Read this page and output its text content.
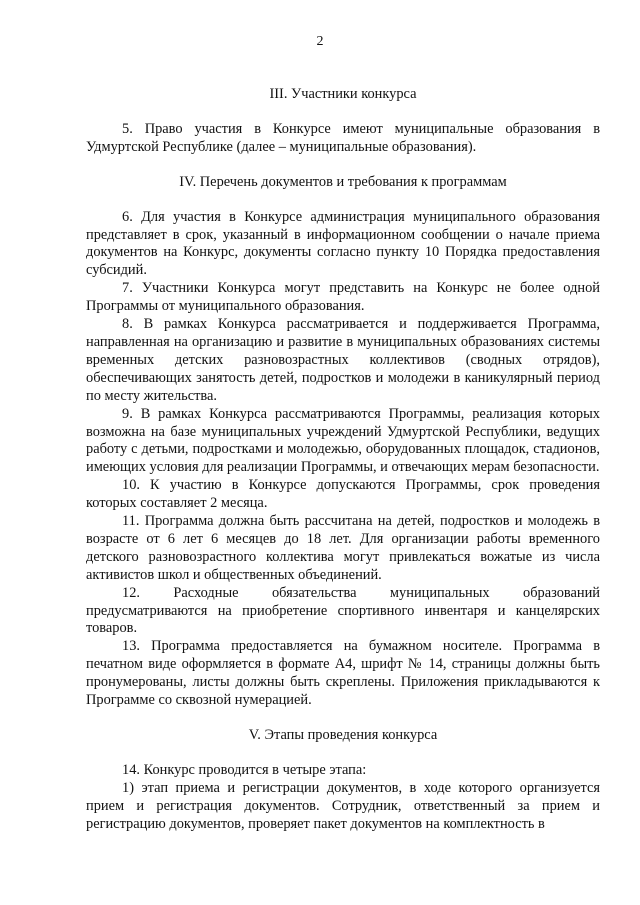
2

III. Участники конкурса

5. Право участия в Конкурсе имеют муниципальные образования в Удмуртской Республике (далее – муниципальные образования).

IV. Перечень документов и требования к программам

6. Для участия в Конкурсе администрация муниципального образования представляет в срок, указанный в информационном сообщении о начале приема документов на Конкурс, документы согласно пункту 10 Порядка предоставления субсидий.

7. Участники Конкурса могут представить на Конкурс не более одной Программы от муниципального образования.

8. В рамках Конкурса рассматривается и поддерживается Программа, направленная на организацию и развитие в муниципальных образованиях системы временных детских разновозрастных коллективов (сводных отрядов), обеспечивающих занятость детей, подростков и молодежи в каникулярный период по месту жительства.

9. В рамках Конкурса рассматриваются Программы, реализация которых возможна на базе муниципальных учреждений Удмуртской Республики, ведущих работу с детьми, подростками и молодежью, оборудованных площадок, стадионов, имеющих условия для реализации Программы, и отвечающих мерам безопасности.

10. К участию в Конкурсе допускаются Программы, срок проведения которых составляет 2 месяца.

11. Программа должна быть рассчитана на детей, подростков и молодежь в возрасте от 6 лет 6 месяцев до 18 лет. Для организации работы временного детского разновозрастного коллектива могут привлекаться вожатые из числа активистов школ и общественных объединений.

12. Расходные обязательства муниципальных образований предусматриваются на приобретение спортивного инвентаря и канцелярских товаров.

13. Программа предоставляется на бумажном носителе. Программа в печатном виде оформляется в формате А4, шрифт № 14, страницы должны быть пронумерованы, листы должны быть скреплены. Приложения прикладываются к Программе со сквозной нумерацией.

V. Этапы проведения конкурса

14. Конкурс проводится в четыре этапа:

1) этап приема и регистрации документов, в ходе которого организуется прием и регистрация документов. Сотрудник, ответственный за прием и регистрацию документов, проверяет пакет документов на комплектность в
